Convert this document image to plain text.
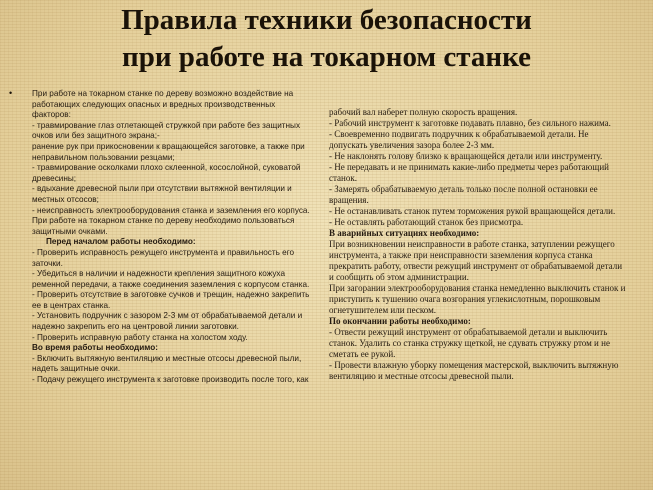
Правила техники безопасности
при работе на токарном станке
• При работе на токарном станке по дереву возможно воздействие на работающих следующих опасных и вредных производственных факторов:
- травмирование глаз отлетающей стружкой при работе без защитных очков или без защитного экрана;-
ранение рук при прикосновении к вращающейся заготовке, а также при неправильном пользовании резцами;
- травмирование осколками плохо склеенной, косослойной, суковатой древесины;
- вдыхание древесной пыли при отсутствии вытяжной вентиляции и местных отсосов;
- неисправность электрооборудования станка и заземления его корпуса.
При работе на токарном станке по дереву необходимо пользоваться защитными очками.
Перед началом работы необходимо:
- Проверить исправность режущего инструмента и правильность его заточки.
- Убедиться в наличии и надежности крепления защитного кожуха ременной передачи, а также соединения заземления с корпусом станка.
- Проверить отсутствие в заготовке сучков и трещин, надежно закрепить ее в центрах станка.
- Установить подручник с зазором 2-3 мм от обрабатываемой детали и надежно закрепить его на центровой линии заготовки.
- Проверить исправную работу станка на холостом ходу.
Во время работы необходимо:
- Включить вытяжную вентиляцию и местные отсосы древесной пыли, надеть защитные очки.
- Подачу режущего инструмента к заготовке производить после того, как
рабочий вал наберет полную скорость вращения.
- Рабочий инструмент к заготовке подавать плавно, без сильного нажима.
- Своевременно подвигать подручник к обрабатываемой детали. Не допускать увеличения зазора более 2-3 мм.
- Не наклонять голову близко к вращающейся детали или инструменту.
- Не передавать и не принимать какие-либо предметы через работающий станок.
- Замерять обрабатываемую деталь только после полной остановки ее вращения.
- Не останавливать станок путем торможения рукой вращающейся детали.
- Не оставлять работающий станок без присмотра.
В аварийных ситуациях необходимо:
При возникновении неисправности в работе станка, затуплении режущего инструмента, а также при неисправности заземления корпуса станка прекратить работу, отвести режущий инструмент от обрабатываемой детали и сообщить об этом администрации.
При загорании электрооборудования станка немедленно выключить станок и приступить к тушению очага возгорания углекислотным, порошковым огнетушителем или песком.
По окончании работы необходимо:
- Отвести режущий инструмент от обрабатываемой детали и выключить станок. Удалить со станка стружку щеткой, не сдувать стружку ртом и не сметать ее рукой.
- Провести влажную уборку помещения мастерской, выключить вытяжную вентиляцию и местные отсосы древесной пыли.
